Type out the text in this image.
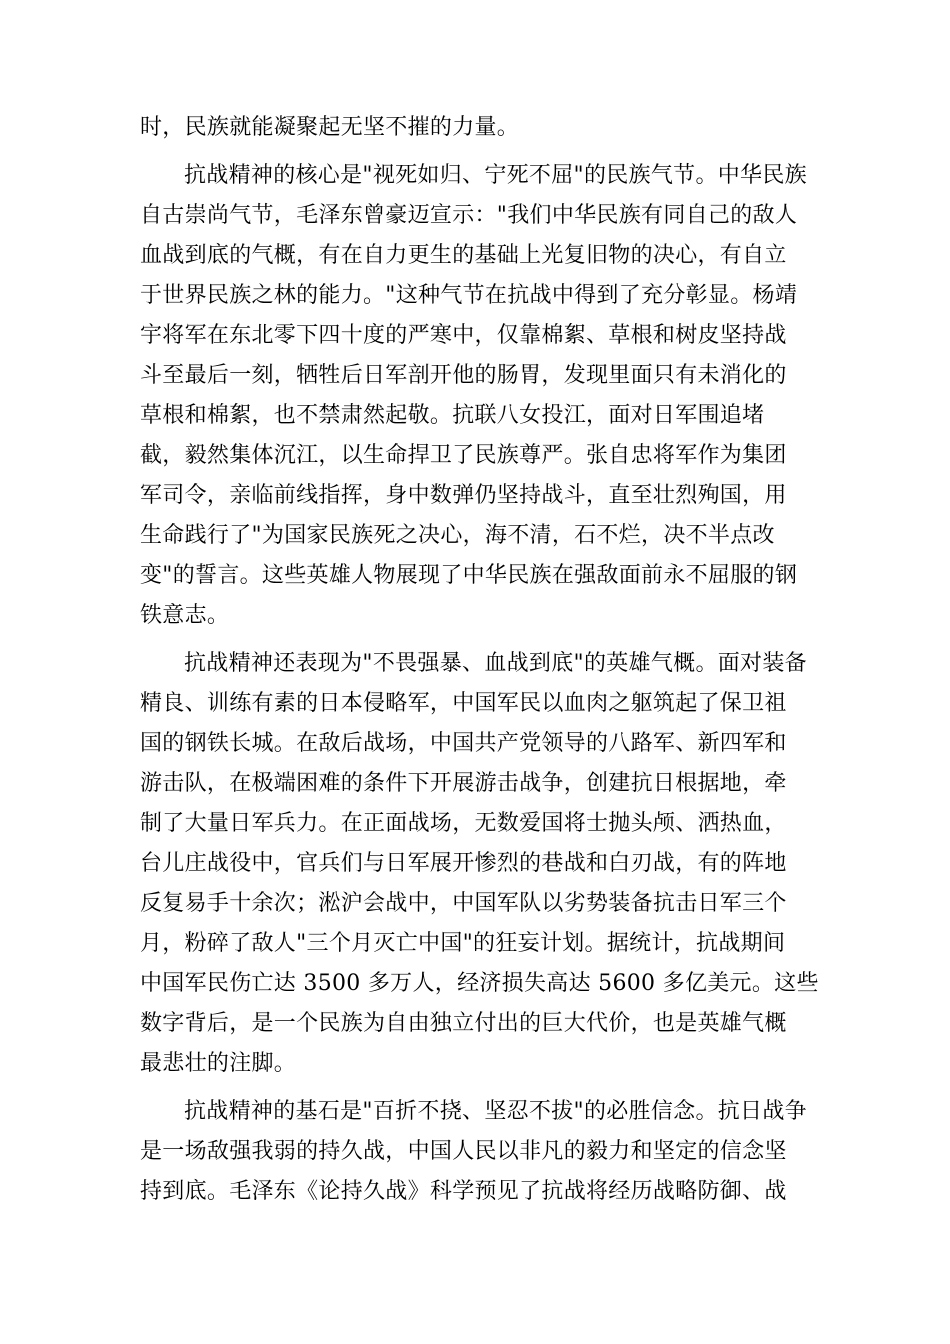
时，民族就能凝聚起无坚不摧的力量。
抗战精神的核心是"视死如归、宁死不屈"的民族气节。中华民族
自古崇尚气节，毛泽东曾豪迈宣示："我们中华民族有同自己的敌人
血战到底的气概，有在自力更生的基础上光复旧物的决心，有自立
于世界民族之林的能力。"这种气节在抗战中得到了充分彰显。杨靖
宇将军在东北零下四十度的严寒中，仅靠棉絮、草根和树皮坚持战
斗至最后一刻，牺牲后日军剖开他的肠胃，发现里面只有未消化的
草根和棉絮，也不禁肃然起敬。抗联八女投江，面对日军围追堵
截，毅然集体沉江，以生命捍卫了民族尊严。张自忠将军作为集团
军司令，亲临前线指挥，身中数弹仍坚持战斗，直至壮烈殉国，用
生命践行了"为国家民族死之决心，海不清，石不烂，决不半点改
变"的誓言。这些英雄人物展现了中华民族在强敌面前永不屈服的钢
铁意志。
抗战精神还表现为"不畏强暴、血战到底"的英雄气概。面对装备
精良、训练有素的日本侵略军，中国军民以血肉之躯筑起了保卫祖
国的钢铁长城。在敌后战场，中国共产党领导的八路军、新四军和
游击队，在极端困难的条件下开展游击战争，创建抗日根据地，牵
制了大量日军兵力。在正面战场，无数爱国将士抛头颅、洒热血，
台儿庄战役中，官兵们与日军展开惨烈的巷战和白刃战，有的阵地
反复易手十余次；淞沪会战中，中国军队以劣势装备抗击日军三个
月，粉碎了敌人"三个月灭亡中国"的狂妄计划。据统计，抗战期间
中国军民伤亡达 3500 多万人，经济损失高达 5600 多亿美元。这些
数字背后，是一个民族为自由独立付出的巨大代价，也是英雄气概
最悲壮的注脚。
抗战精神的基石是"百折不挠、坚忍不拔"的必胜信念。抗日战争
是一场敌强我弱的持久战，中国人民以非凡的毅力和坚定的信念坚
持到底。毛泽东《论持久战》科学预见了抗战将经历战略防御、战
